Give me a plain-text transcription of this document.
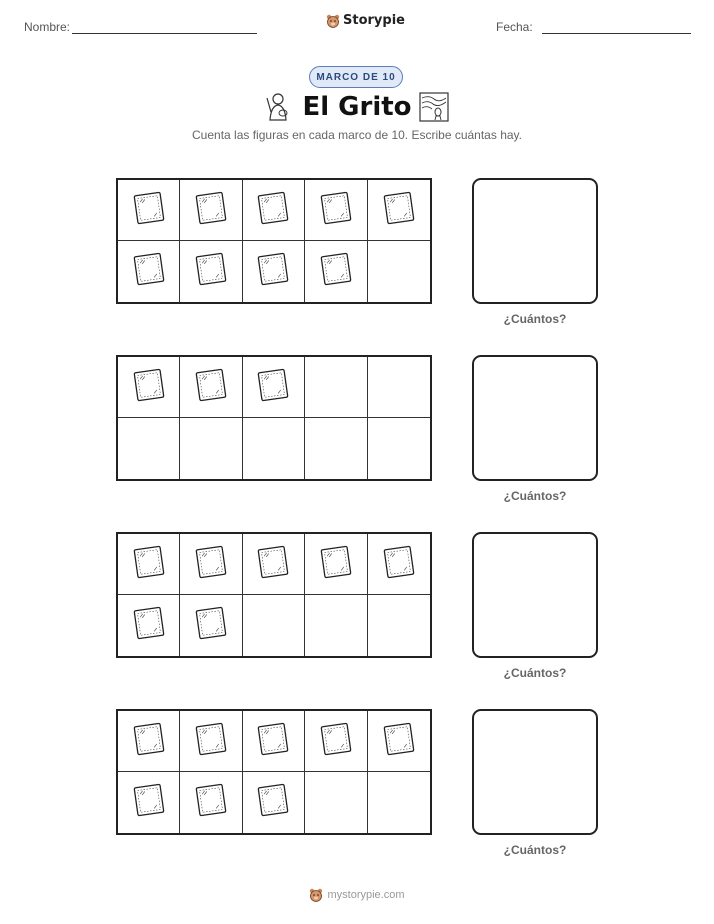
Nombre:	Storypie	Fecha:
MARCO DE 10
El Grito
Cuenta las figuras en cada marco de 10. Escribe cuántas hay.
¿Cuántos?
¿Cuántos?
¿Cuántos?
¿Cuántos?
mystorypie.com
